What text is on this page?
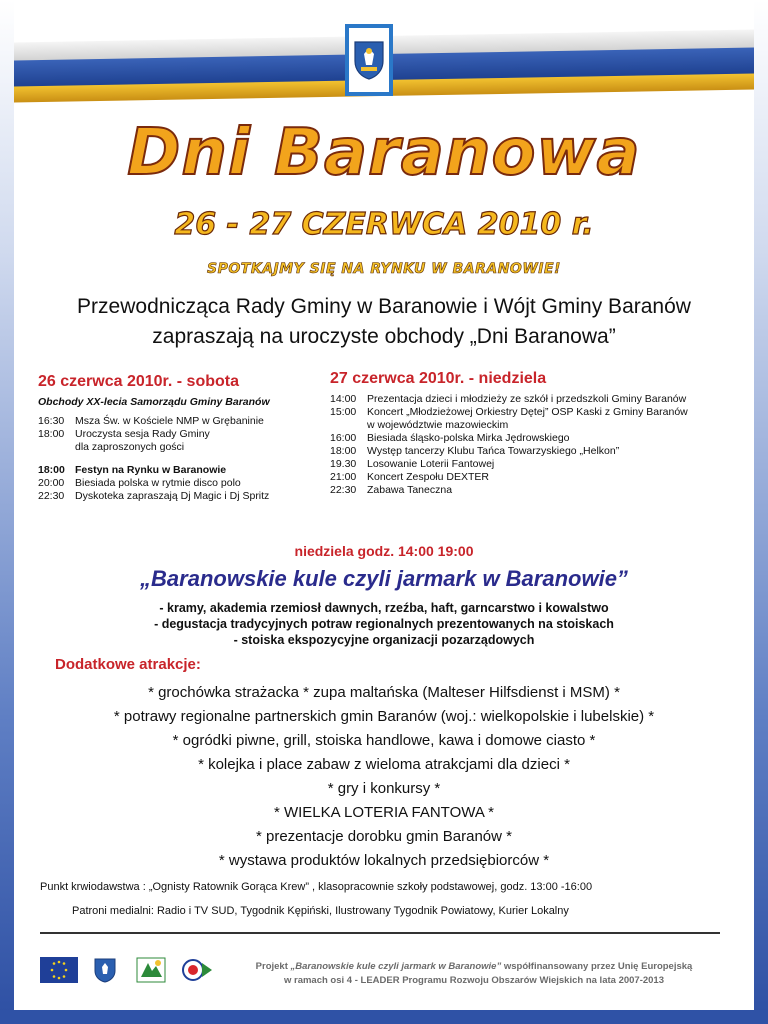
Dni Baranowa
26 - 27 CZERWCA 2010 r.
SPOTKAJMY SIĘ NA RYNKU W BARANOWIE!
Przewodnicząca Rady Gminy w Baranowie i Wójt Gminy Baranów
zapraszają na uroczyste obchody „Dni Baranowa”
26 czerwca 2010r. - sobota
Obchody XX-lecia Samorządu Gminy Baranów
16:30	Msza Św. w Kościele NMP w Grębaninie
18:00	Uroczysta sesja Rady Gminy
dla zaproszonych gości
18:00 Festyn na Rynku w Baranowie
20:00	Biesiada polska w rytmie disco polo
22:30	Dyskoteka zapraszają Dj Magic i Dj Spritz
27 czerwca 2010r. - niedziela
14:00	Prezentacja dzieci i młodzieży ze szkół i przedszkoli Gminy Baranów
15:00	Koncert „Młodzieżowej Orkiestry Dętej” OSP Kaski z Gminy Baranów
w województwie mazowieckim
16:00	Biesiada śląsko-polska Mirka Jędrowskiego
18:00	Występ tancerzy Klubu Tańca Towarzyskiego „Helkon”
19.30	Losowanie Loterii Fantowej
21:00	Koncert Zespołu DEXTER
22:30	Zabawa Taneczna
niedziela godz. 14:00 19:00
„Baranowskie kule czyli jarmark w Baranowie”
- kramy, akademia rzemiosł dawnych, rzeźba, haft, garncarstwo i kowalstwo
- degustacja tradycyjnych potraw regionalnych prezentowanych na stoiskach
- stoiska ekspozycyjne organizacji pozarządowych
Dodatkowe atrakcje:
* grochówka strażacka * zupa maltańska (Malteser Hilfsdienst i MSM) *
* potrawy regionalne partnerskich gmin Baranów (woj.: wielkopolskie i lubelskie) *
* ogródki piwne, grill, stoiska handlowe, kawa i domowe ciasto *
* kolejka i place zabaw z wieloma atrakcjami dla dzieci *
* gry i konkursy *
* WIELKA LOTERIA FANTOWA *
* prezentacje dorobku gmin Baranów *
* wystawa produktów lokalnych przedsiębiorców *
Punkt krwiodawstwa : „Ognisty Ratownik Gorąca Krew” , klasopracownie szkoły podstawowej, godz. 13:00 -16:00
Patroni medialni: Radio i TV SUD, Tygodnik Kępiński, Ilustrowany Tygodnik Powiatowy, Kurier Lokalny
Projekt „Baranowskie kule czyli jarmark w Baranowie” współfinansowany przez Unię Europejską
w ramach osi 4 - LEADER Programu Rozwoju Obszarów Wiejskich na lata 2007-2013
